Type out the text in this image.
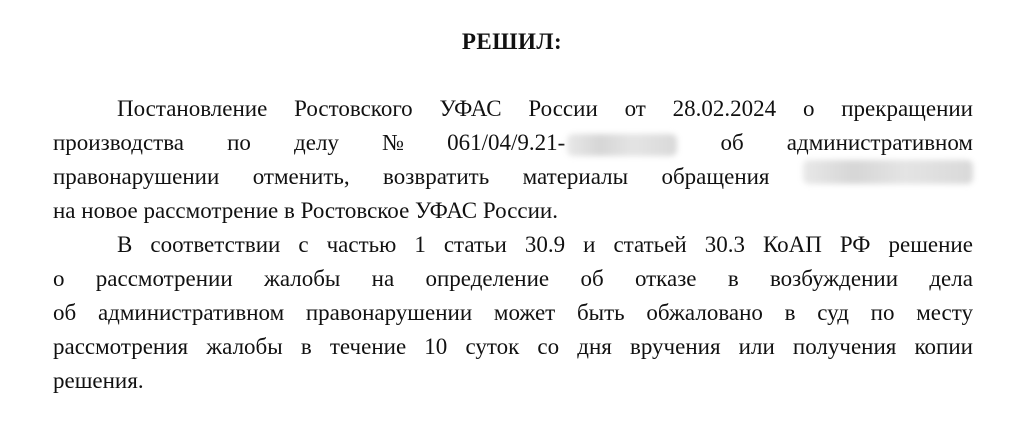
РЕШИЛ:
Постановление Ростовского УФАС России от 28.02.2024 о прекращении
производства по делу № 061/04/9.21-	об административном
правонарушении отменить, возвратить материалы обращения
на новое рассмотрение в Ростовское УФАС России.
В соответствии с частью 1 статьи 30.9 и статьей 30.3 КоАП РФ решение
о рассмотрении жалобы на определение об отказе в возбуждении дела
об административном правонарушении может быть обжаловано в суд по месту
рассмотрения жалобы в течение 10 суток со дня вручения или получения копии
решения.
